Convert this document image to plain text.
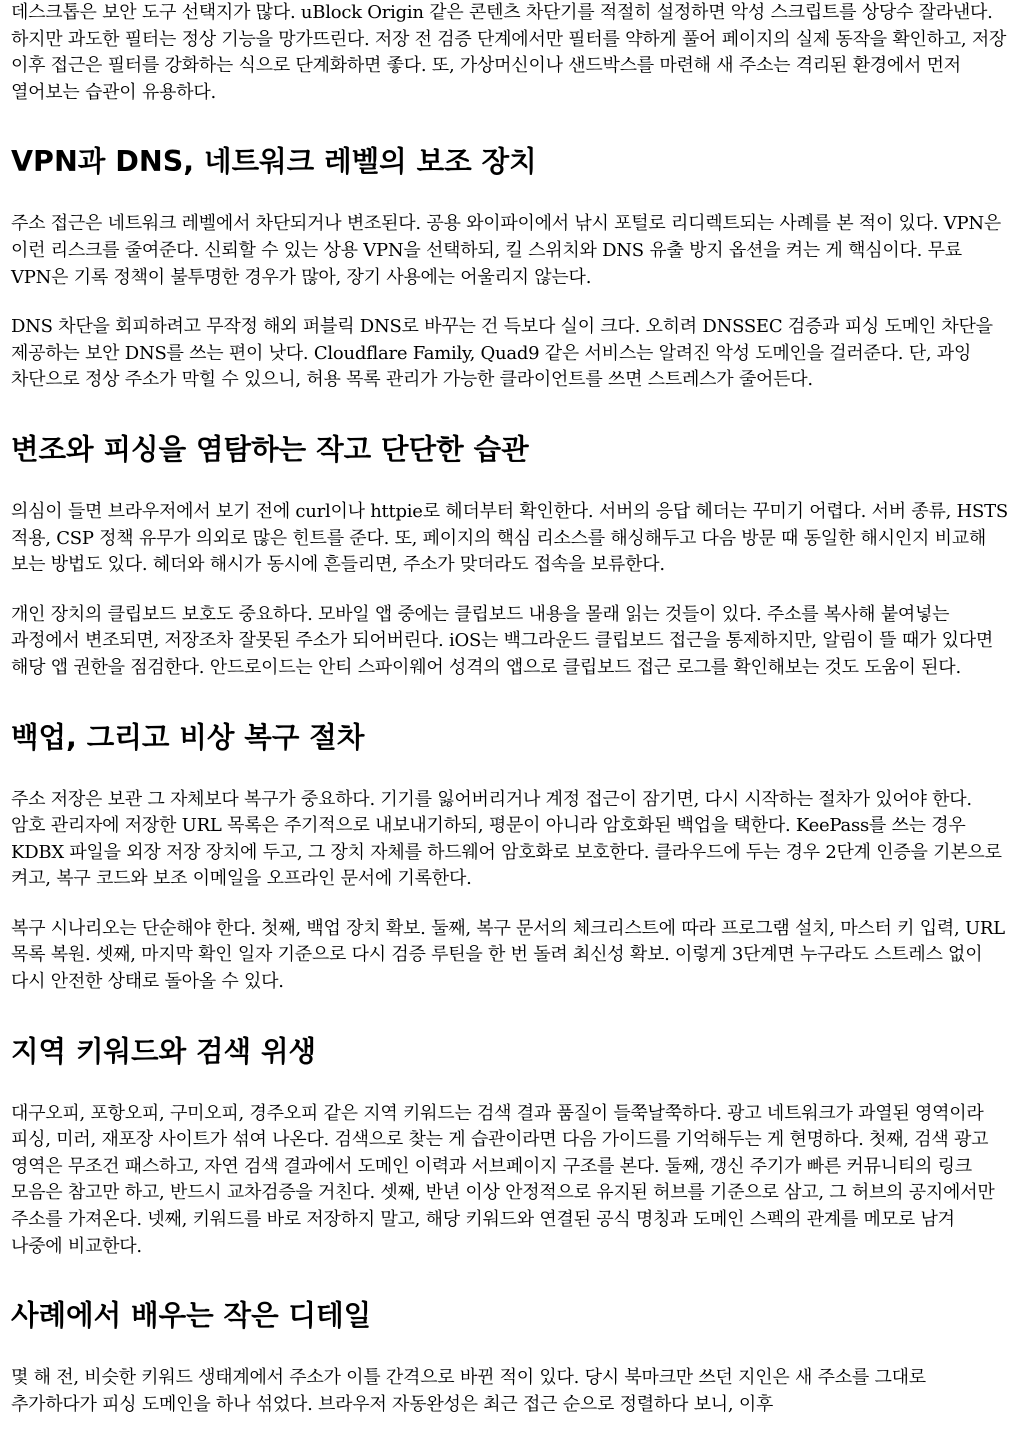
데스크톱은 보안 도구 선택지가 많다. uBlock Origin 같은 콘텐츠 차단기를 적절히 설정하면 악성 스크립트를 상당수 잘라낸다. 하지만 과도한 필터는 정상 기능을 망가뜨린다. 저장 전 검증 단계에서만 필터를 약하게 풀어 페이지의 실제 동작을 확인하고, 저장 이후 접근은 필터를 강화하는 식으로 단계화하면 좋다. 또, 가상머신이나 샌드박스를 마련해 새 주소는 격리된 환경에서 먼저 열어보는 습관이 유용하다.

VPN과 DNS, 네트워크 레벨의 보조 장치

주소 접근은 네트워크 레벨에서 차단되거나 변조된다. 공용 와이파이에서 낚시 포털로 리디렉트되는 사례를 본 적이 있다. VPN은 이런 리스크를 줄여준다. 신뢰할 수 있는 상용 VPN을 선택하되, 킬 스위치와 DNS 유출 방지 옵션을 켜는 게 핵심이다. 무료 VPN은 기록 정책이 불투명한 경우가 많아, 장기 사용에는 어울리지 않는다.

DNS 차단을 회피하려고 무작정 해외 퍼블릭 DNS로 바꾸는 건 득보다 실이 크다. 오히려 DNSSEC 검증과 피싱 도메인 차단을 제공하는 보안 DNS를 쓰는 편이 낫다. Cloudflare Family, Quad9 같은 서비스는 알려진 악성 도메인을 걸러준다. 단, 과잉 차단으로 정상 주소가 막힐 수 있으니, 허용 목록 관리가 가능한 클라이언트를 쓰면 스트레스가 줄어든다.

변조와 피싱을 염탐하는 작고 단단한 습관

의심이 들면 브라우저에서 보기 전에 curl이나 httpie로 헤더부터 확인한다. 서버의 응답 헤더는 꾸미기 어렵다. 서버 종류, HSTS 적용, CSP 정책 유무가 의외로 많은 힌트를 준다. 또, 페이지의 핵심 리소스를 해싱해두고 다음 방문 때 동일한 해시인지 비교해 보는 방법도 있다. 헤더와 해시가 동시에 흔들리면, 주소가 맞더라도 접속을 보류한다.

개인 장치의 클립보드 보호도 중요하다. 모바일 앱 중에는 클립보드 내용을 몰래 읽는 것들이 있다. 주소를 복사해 붙여넣는 과정에서 변조되면, 저장조차 잘못된 주소가 되어버린다. iOS는 백그라운드 클립보드 접근을 통제하지만, 알림이 뜰 때가 있다면 해당 앱 권한을 점검한다. 안드로이드는 안티 스파이웨어 성격의 앱으로 클립보드 접근 로그를 확인해보는 것도 도움이 된다.

백업, 그리고 비상 복구 절차

주소 저장은 보관 그 자체보다 복구가 중요하다. 기기를 잃어버리거나 계정 접근이 잠기면, 다시 시작하는 절차가 있어야 한다. 암호 관리자에 저장한 URL 목록은 주기적으로 내보내기하되, 평문이 아니라 암호화된 백업을 택한다. KeePass를 쓰는 경우 KDBX 파일을 외장 저장 장치에 두고, 그 장치 자체를 하드웨어 암호화로 보호한다. 클라우드에 두는 경우 2단계 인증을 기본으로 켜고, 복구 코드와 보조 이메일을 오프라인 문서에 기록한다.

복구 시나리오는 단순해야 한다. 첫째, 백업 장치 확보. 둘째, 복구 문서의 체크리스트에 따라 프로그램 설치, 마스터 키 입력, URL 목록 복원. 셋째, 마지막 확인 일자 기준으로 다시 검증 루틴을 한 번 돌려 최신성 확보. 이렇게 3단계면 누구라도 스트레스 없이 다시 안전한 상태로 돌아올 수 있다.

지역 키워드와 검색 위생

대구오피, 포항오피, 구미오피, 경주오피 같은 지역 키워드는 검색 결과 품질이 들쭉날쭉하다. 광고 네트워크가 과열된 영역이라 피싱, 미러, 재포장 사이트가 섞여 나온다. 검색으로 찾는 게 습관이라면 다음 가이드를 기억해두는 게 현명하다. 첫째, 검색 광고 영역은 무조건 패스하고, 자연 검색 결과에서 도메인 이력과 서브페이지 구조를 본다. 둘째, 갱신 주기가 빠른 커뮤니티의 링크 모음은 참고만 하고, 반드시 교차검증을 거친다. 셋째, 반년 이상 안정적으로 유지된 허브를 기준으로 삼고, 그 허브의 공지에서만 주소를 가져온다. 넷째, 키워드를 바로 저장하지 말고, 해당 키워드와 연결된 공식 명칭과 도메인 스펙의 관계를 메모로 남겨 나중에 비교한다.

사례에서 배우는 작은 디테일

몇 해 전, 비슷한 키워드 생태계에서 주소가 이틀 간격으로 바뀐 적이 있다. 당시 북마크만 쓰던 지인은 새 주소를 그대로 추가하다가 피싱 도메인을 하나 섞었다. 브라우저 자동완성은 최근 접근 순으로 정렬하다 보니, 이후
